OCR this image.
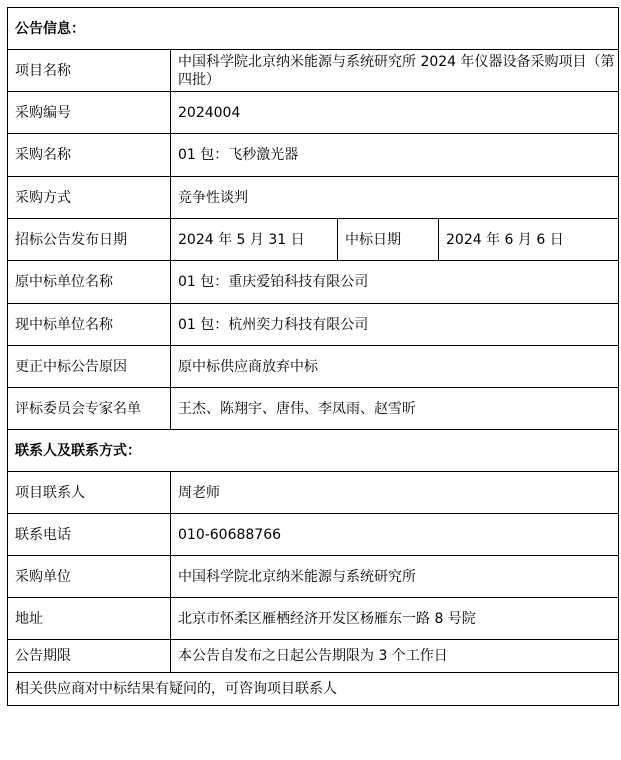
公告信息：			
项目名称	中国科学院北京纳米能源与系统研究所 2024 年仪器设备采购项目（第四批）		
采购编号	2024004		
采购名称	01 包：飞秒激光器		
采购方式	竞争性谈判		
招标公告发布日期	2024 年 5 月 31 日	中标日期	2024 年 6 月 6 日
原中标单位名称	01 包：重庆爱铂科技有限公司		
现中标单位名称	01 包：杭州奕力科技有限公司		
更正中标公告原因	原中标供应商放弃中标		
评标委员会专家名单	王杰、陈翔宇、唐伟、李凤雨、赵雪昕		
联系人及联系方式：			
项目联系人	周老师		
联系电话	010-60688766		
采购单位	中国科学院北京纳米能源与系统研究所		
地址	北京市怀柔区雁栖经济开发区杨雁东一路 8 号院		
公告期限	本公告自发布之日起公告期限为 3 个工作日		
相关供应商对中标结果有疑问的，可咨询项目联系人			
